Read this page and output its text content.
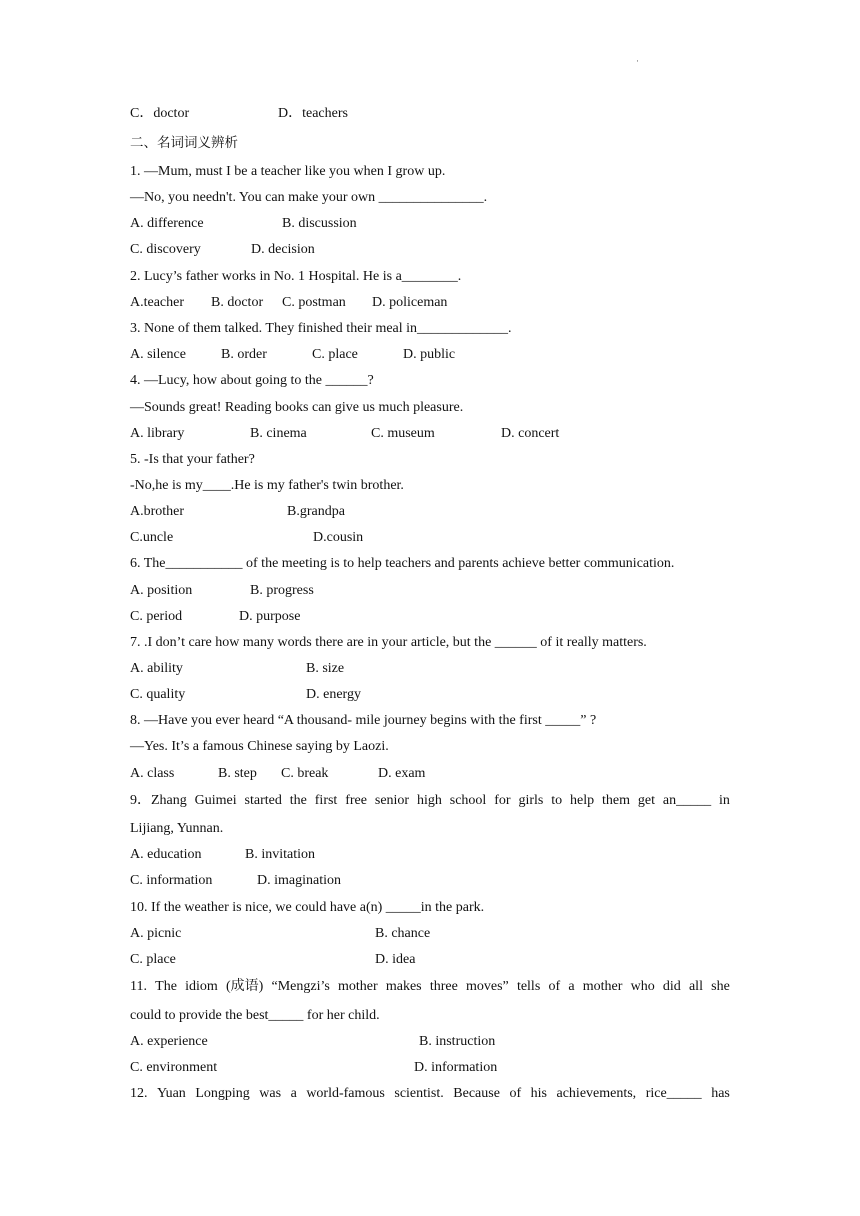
·
C．doctor	D．teachers
二、名词词义辨析
1. —Mum, must I be a teacher like you when I grow up.
—No, you needn't. You can make your own _______________.
A. difference	B. discussion
C. discovery	D. decision
2. Lucy’s father works in No. 1 Hospital. He is a________.
A.teacher B. doctor C. postman D. policeman
3. None of them talked. They finished their meal in_____________.
A. silence	B. order	C. place	D. public
4. —Lucy, how about going to the ______?
—Sounds great! Reading books can give us much pleasure.
A. library	B. cinema	C. museum	D. concert
5. -Is that your father?
-No,he is my____.He is my father's twin brother.
A.brother	B.grandpa
C.uncle	D.cousin
6. The___________ of the meeting is to help teachers and parents achieve better communication.
A. position	B. progress
C. period	D. purpose
7. .I don’t care how many words there are in your article, but the ______ of it really matters.
A. ability	B. size
C. quality	D. energy
8. —Have you ever heard “A thousand- mile journey begins with the first _____” ?
—Yes. It’s a famous Chinese saying by Laozi.
A. class	B. step C. break	D. exam
9．Zhang Guimei started the first free senior high school for girls to help them get an_____ in
Lijiang, Yunnan.
A. education	B. invitation
C. information	D. imagination
10. If the weather is nice, we could have a(n) _____in the park.
A. picnic	B. chance
C. place	D. idea
11. The idiom (成语) “Mengzi’s mother makes three moves” tells of a mother who did all she
could to provide the best_____ for her child.
A. experience	B. instruction
C. environment	D. information
12. Yuan Longping was a world-famous scientist. Because of his achievements, rice_____ has
